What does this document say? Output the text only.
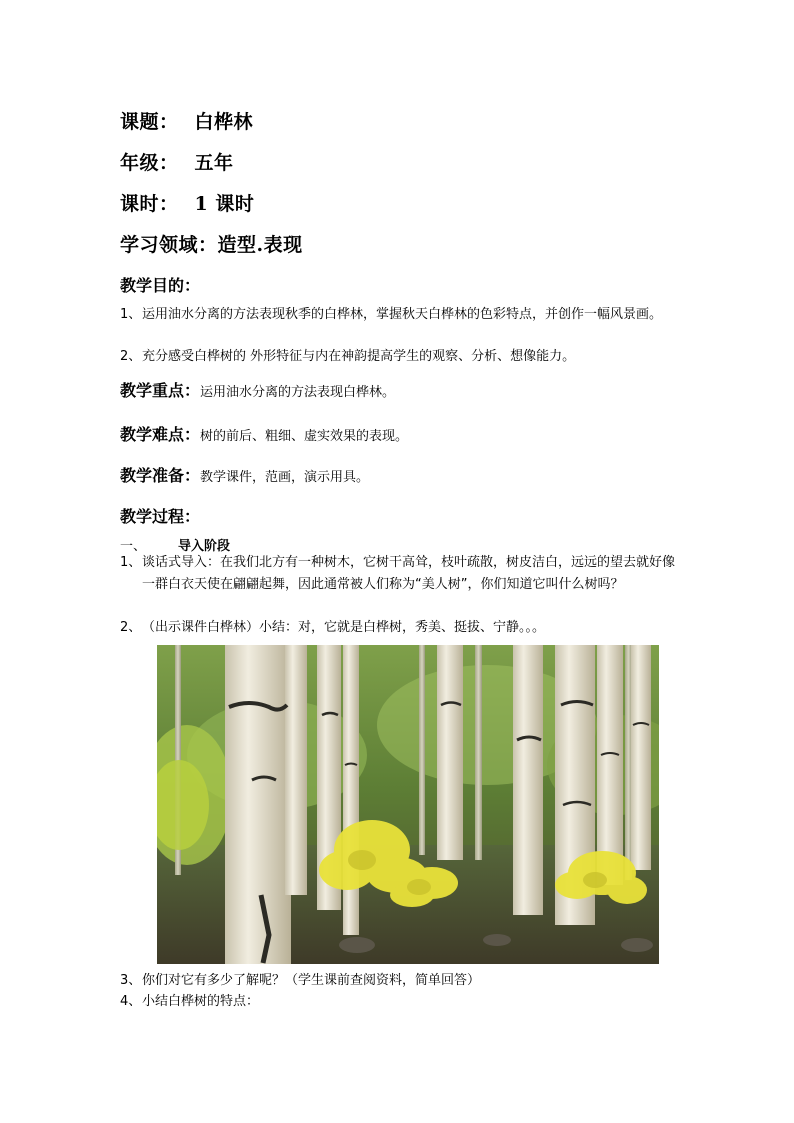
课题： 白桦林
年级： 五年
课时： 1 课时
学习领域：造型.表现
教学目的：
1、 运用油水分离的方法表现秋季的白桦林，掌握秋天白桦林的色彩特点，并创作一幅风景画。
2、 充分感受白桦树的 外形特征与内在神韵提高学生的观察、分析、想像能力。
教学重点：运用油水分离的方法表现白桦林。
教学难点：树的前后、粗细、虚实效果的表现。
教学准备：教学课件，范画，演示用具。
教学过程：
一、 导入阶段
1、 谈话式导入：在我们北方有一种树木，它树干高耸，枝叶疏散，树皮洁白，远远的望去就好像一群白衣天使在翩翩起舞，因此通常被人们称为“美人树”，你们知道它叫什么树吗？
2、 （出示课件白桦林）小结：对，它就是白桦树，秀美、挺拔、宁静。。。
3、 你们对它有多少了解呢？（学生课前查阅资料，简单回答）
4、 小结白桦树的特点：
